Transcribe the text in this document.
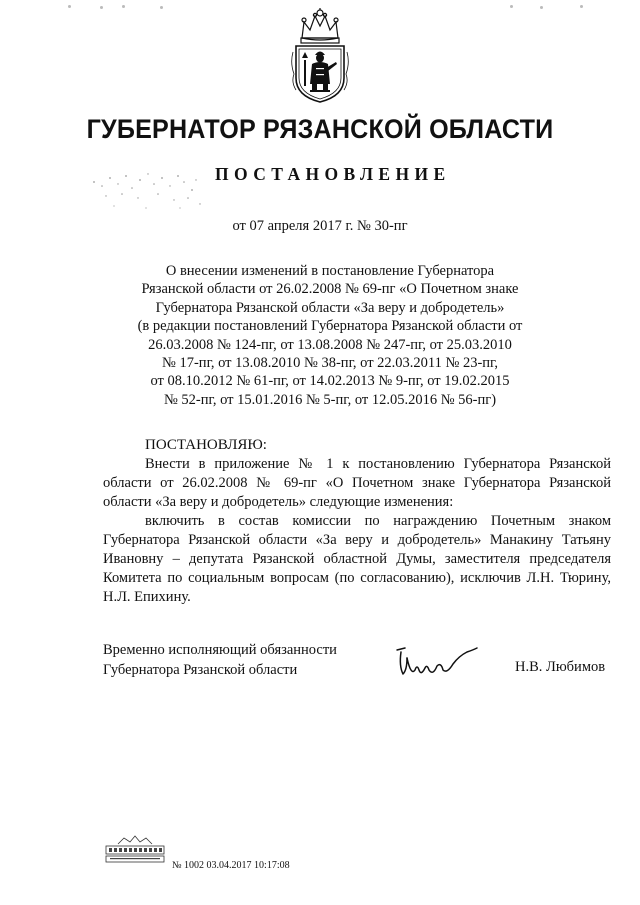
ГУБЕРНАТОР РЯЗАНСКОЙ ОБЛАСТИ
ПОСТАНОВЛЕНИЕ
от 07 апреля 2017 г. № 30-пг
О внесении изменений в постановление Губернатора
Рязанской области от 26.02.2008 № 69-пг «О Почетном знаке
Губернатора Рязанской области «За веру и добродетель»
(в редакции постановлений Губернатора Рязанской области от
26.03.2008 № 124-пг, от 13.08.2008 № 247-пг, от 25.03.2010
№ 17-пг, от 13.08.2010 № 38-пг, от 22.03.2011 № 23-пг,
от 08.10.2012 № 61-пг, от 14.02.2013 № 9-пг, от 19.02.2015
№ 52-пг, от 15.01.2016 № 5-пг, от 12.05.2016 № 56-пг)
ПОСТАНОВЛЯЮ:

Внести в приложение № 1 к постановлению Губернатора Рязанской области от 26.02.2008 № 69-пг «О Почетном знаке Губернатора Рязанской области «За веру и добродетель» следующие изменения:

включить в состав комиссии по награждению Почетным знаком Губернатора Рязанской области «За веру и добродетель» Манакину Татьяну Ивановну – депутата Рязанской областной Думы, заместителя председателя Комитета по социальным вопросам (по согласованию), исключив Л.Н. Тюрину, Н.Л. Епихину.

Временно исполняющий обязанности
Губернатора Рязанской области	Н.В. Любимов
№ 1002 03.04.2017 10:17:08
